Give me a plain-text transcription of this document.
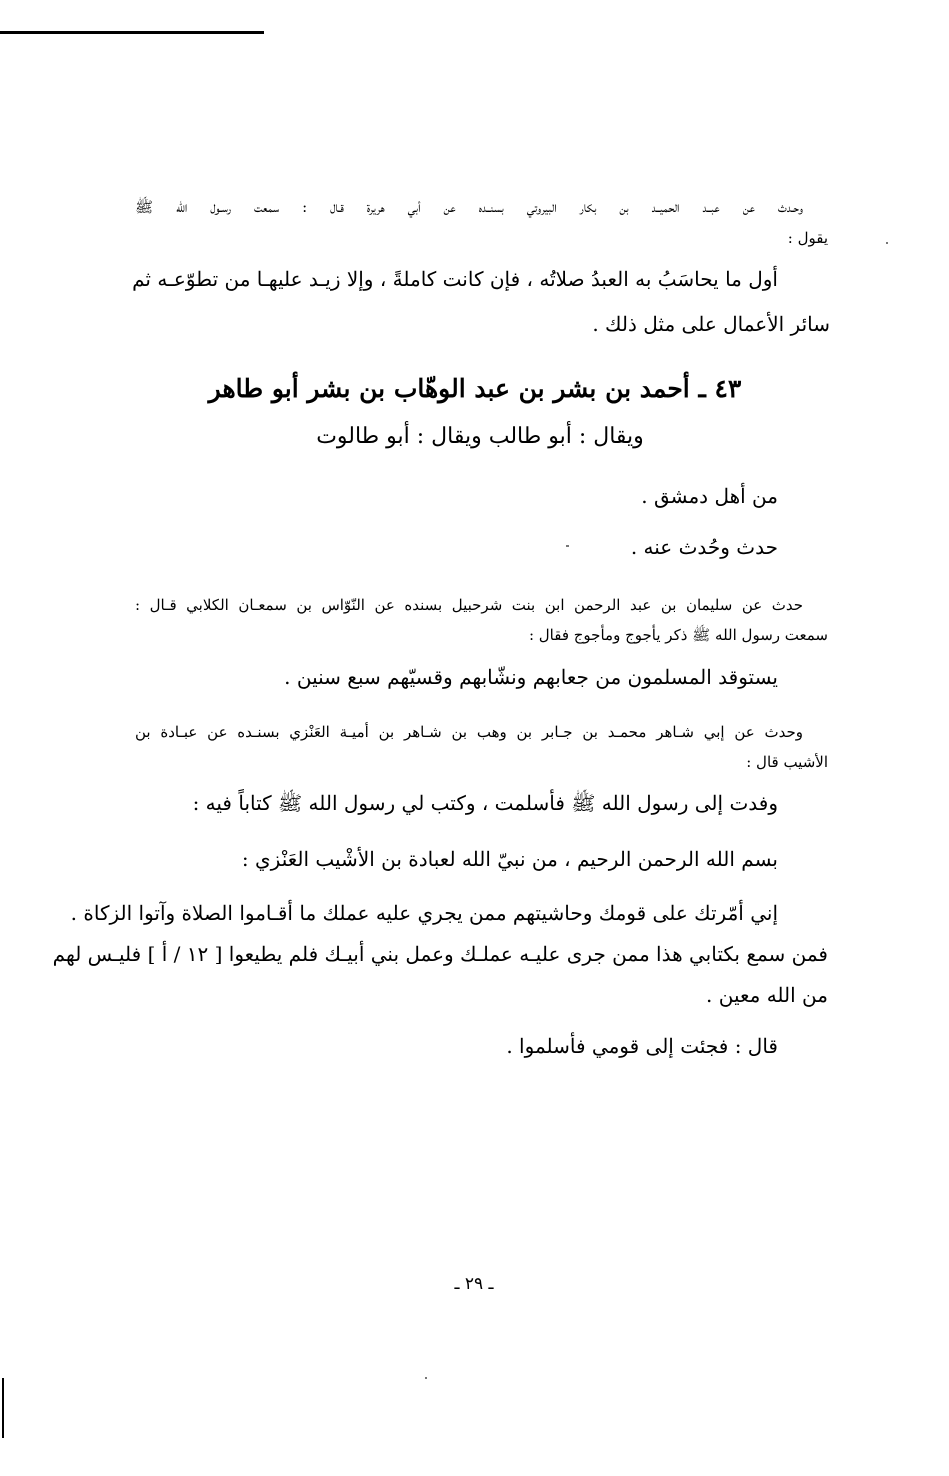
وحـدث عن عبــد الحميــد بن بكار البيروتي بسنــده عن أبي هريرة قـال : سمعت رسـول الله ﷺ
يقول :
أول ما يحاسَبُ به العبدُ صلاتُه ، فإن كانت كاملةً ، وإلا زيـد عليهـا من تطوّعـه ثم
سائر الأعمال على مثل ذلك .
٤٣ ـ أحمد بن بشر بن عبد الوهّاب بن بشر أبو طاهر
ويقال : أبو طالب ويقال : أبو طالوت
من أهل دمشق .
حدث وحُدث عنه .
حدث عن سليمان بن عبد الرحمن ابن بنت شرحبيل بسنده عن النّوّاس بن سمعـان الكلابي قـال :
سمعت رسول الله ﷺ ذكر يأجوج ومأجوج فقال :
يستوقد المسلمون من جعابهم ونشّابهم وقسيّهم سبع سنين .
وحدث عن إبي شـاهر محمـد بن جـابر بن وهب بن شـاهر بن أميـة العَنْزي بسنـده عن عبـادة بن
الأشيب قال :
وفدت إلى رسول الله ﷺ فأسلمت ، وكتب لي رسول الله ﷺ كتاباً فيه :
بسم الله الرحمن الرحيم ، من نبيّ الله لعبادة بن الأشْيب العَنْزي :
إني أمّرتك على قومك وحاشيتهم ممن يجري عليه عملك ما أقـاموا الصلاة وآتوا الزكاة .
فمن سمع بكتابي هذا ممن جرى عليـه عملـك وعمل بني أبيـك فلم يطيعوا [ ١٢ / أ ] فليـس لهم
من الله معين .
قال : فجئت إلى قومي فأسلموا .
ـ ٢٩ ـ
